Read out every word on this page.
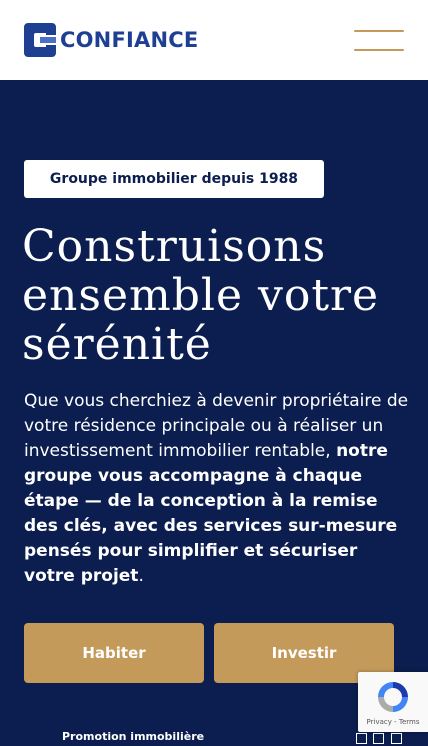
CONFIANCE
Groupe immobilier depuis 1988
Construisons
ensemble votre
sérénité

Que vous cherchiez à devenir propriétaire de votre résidence principale ou à réaliser un investissement immobilier rentable, notre groupe vous accompagne à chaque étape — de la conception à la remise des clés, avec des services sur-mesure pensés pour simplifier et sécuriser votre projet.

Habiter	Investir
Promotion immobilière
Privacy - Terms
